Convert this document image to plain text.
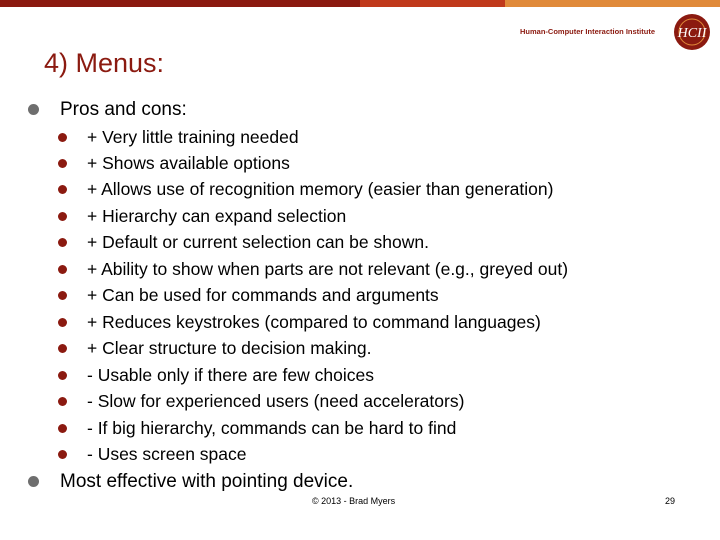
Human-Computer Interaction Institute HCII
4) Menus:
Pros and cons:
+ Very little training needed
+ Shows available options
+ Allows use of recognition memory (easier than generation)
+ Hierarchy can expand selection
+ Default or current selection can be shown.
+ Ability to show when parts are not relevant (e.g., greyed out)
+ Can be used for commands and arguments
+ Reduces keystrokes (compared to command languages)
+ Clear structure to decision making.
- Usable only if there are few choices
- Slow for experienced users (need accelerators)
- If big hierarchy, commands can be hard to find
- Uses screen space
Most effective with pointing device.
© 2013 - Brad Myers	29
